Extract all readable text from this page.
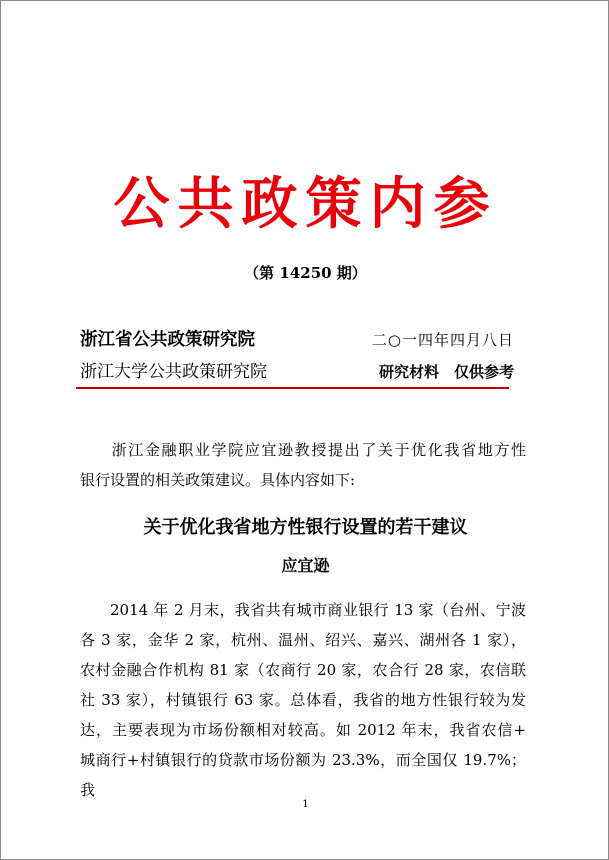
公共政策内参
（第 14250 期）
浙江省公共政策研究院	二○一四年四月八日
浙江大学公共政策研究院	研究材料　仅供参考
浙江金融职业学院应宜逊教授提出了关于优化我省地方性
银行设置的相关政策建议。具体内容如下:
关于优化我省地方性银行设置的若干建议
应宜逊
2014 年 2 月末，我省共有城市商业银行 13 家（台州、宁波
各 3 家，金华 2 家，杭州、温州、绍兴、嘉兴、湖州各 1 家），
农村金融合作机构 81 家（农商行 20 家，农合行 28 家，农信联
社 33 家），村镇银行 63 家。总体看，我省的地方性银行较为发
达，主要表现为市场份额相对较高。如 2012 年末，我省农信+
城商行+村镇银行的贷款市场份额为 23.3%，而全国仅 19.7%；我
1
